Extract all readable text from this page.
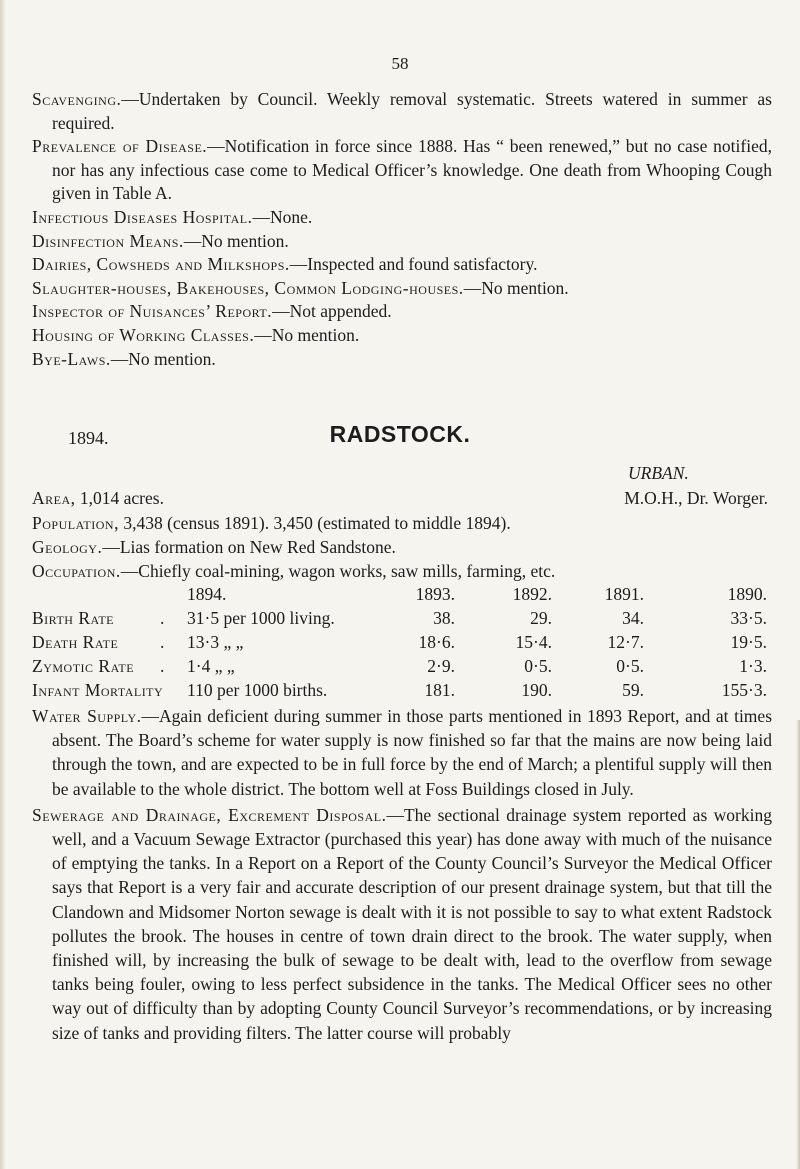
58

Scavenging.—Undertaken by Council. Weekly removal systematic. Streets watered in summer as required.

Prevalence of Disease.—Notification in force since 1888. Has “ been renewed,” but no case notified, nor has any infectious case come to Medical Officer’s knowledge. One death from Whooping Cough given in Table A.

Infectious Diseases Hospital.—None.

Disinfection Means.—No mention.

Dairies, Cowsheds and Milkshops.—Inspected and found satisfactory.

Slaughter-houses, Bakehouses, Common Lodging-houses.—No mention.

Inspector of Nuisances’ Report.—Not appended.

Housing of Working Classes.—No mention.

Bye-Laws.—No mention.

1894.	RADSTOCK.
URBAN.
Area, 1,014 acres.	M.O.H., Dr. Worger.
Population, 3,438 (census 1891). 3,450 (estimated to middle 1894).
Geology.—Lias formation on New Red Sandstone.
Occupation.—Chiefly coal-mining, wagon works, saw mills, farming, etc.
1894.	1893.	1892.	1891.	1890.
Birth Rate	. 31·5 per 1000 living.	38.	29.	34.	33·5.
Death Rate . 13·3 „ „	18·6.	15·4.	12·7.	19·5.
Zymotic Rate . 1·4 „ „	2·9.	0·5.	0·5.	1·3.
Infant Mortality 110 per 1000 births.	181.	190.	59.	155·3.

Water Supply.—Again deficient during summer in those parts mentioned in 1893 Report, and at times absent. The Board’s scheme for water supply is now finished so far that the mains are now being laid through the town, and are expected to be in full force by the end of March; a plentiful supply will then be available to the whole district. The bottom well at Foss Buildings closed in July.

Sewerage and Drainage, Excrement Disposal.—The sectional drainage system reported as working well, and a Vacuum Sewage Extractor (purchased this year) has done away with much of the nuisance of emptying the tanks. In a Report on a Report of the County Council’s Surveyor the Medical Officer says that Report is a very fair and accurate description of our present drainage system, but that till the Clandown and Midsomer Norton sewage is dealt with it is not possible to say to what extent Radstock pollutes the brook. The houses in centre of town drain direct to the brook. The water supply, when finished will, by increasing the bulk of sewage to be dealt with, lead to the overflow from sewage tanks being fouler, owing to less perfect subsidence in the tanks. The Medical Officer sees no other way out of difficulty than by adopting County Council Surveyor’s recommendations, or by increasing size of tanks and providing filters. The latter course will probably
